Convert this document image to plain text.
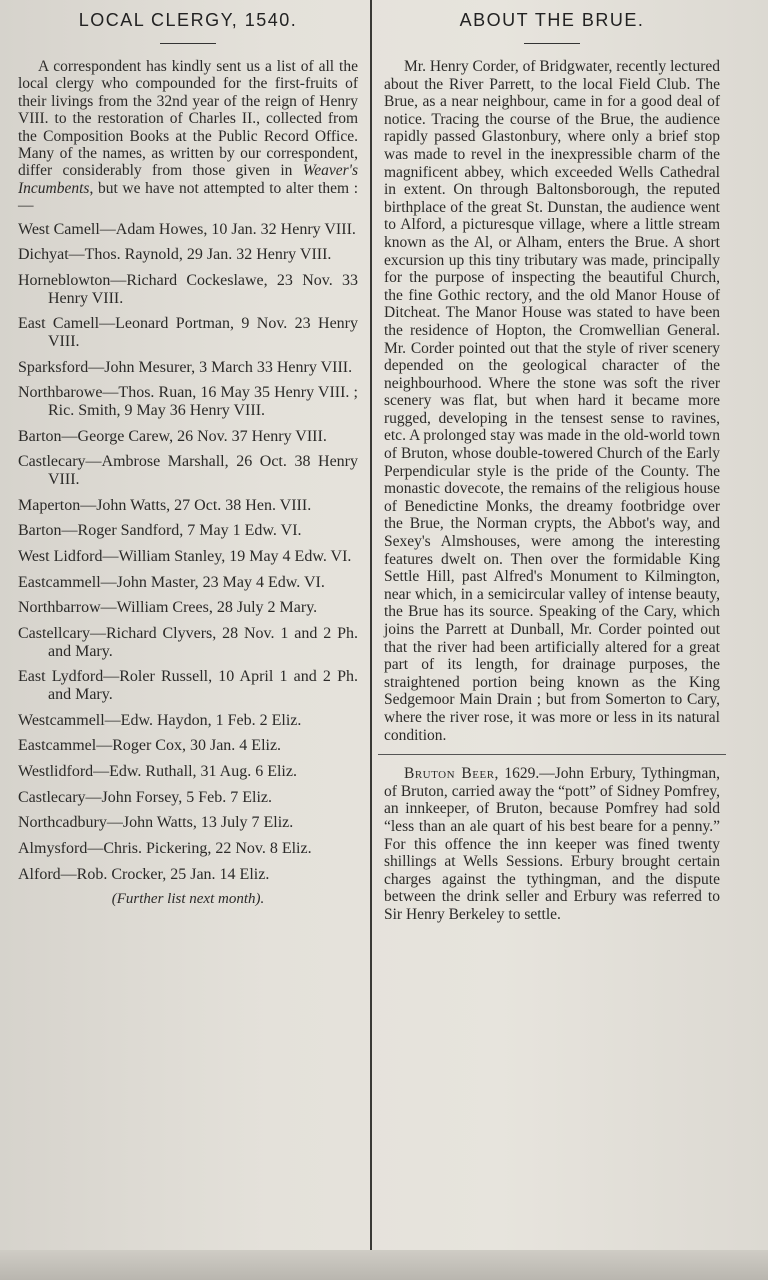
LOCAL CLERGY, 1540.

A correspondent has kindly sent us a list of all the local clergy who compounded for the first-fruits of their livings from the 32nd year of the reign of Henry VIII. to the restoration of Charles II., collected from the Composition Books at the Public Record Office. Many of the names, as written by our correspondent, differ considerably from those given in Weaver's Incumbents, but we have not attempted to alter them :—

West Camell—Adam Howes, 10 Jan. 32 Henry VIII.

Dichyat—Thos. Raynold, 29 Jan. 32 Henry VIII.

Horneblowton—Richard Cockeslawe, 23 Nov. 33 Henry VIII.

East Camell—Leonard Portman, 9 Nov. 23 Henry VIII.

Sparksford—John Mesurer, 3 March 33 Henry VIII.

Northbarowe—Thos. Ruan, 16 May 35 Henry VIII. ; Ric. Smith, 9 May 36 Henry VIII.

Barton—George Carew, 26 Nov. 37 Henry VIII.

Castlecary—Ambrose Marshall, 26 Oct. 38 Henry VIII.

Maperton—John Watts, 27 Oct. 38 Hen. VIII.

Barton—Roger Sandford, 7 May 1 Edw. VI.

West Lidford—William Stanley, 19 May 4 Edw. VI.

Eastcammell—John Master, 23 May 4 Edw. VI.

Northbarrow—William Crees, 28 July 2 Mary.

Castellcary—Richard Clyvers, 28 Nov. 1 and 2 Ph. and Mary.

East Lydford—Roler Russell, 10 April 1 and 2 Ph. and Mary.

Westcammell—Edw. Haydon, 1 Feb. 2 Eliz.

Eastcammel—Roger Cox, 30 Jan. 4 Eliz.

Westlidford—Edw. Ruthall, 31 Aug. 6 Eliz.

Castlecary—John Forsey, 5 Feb. 7 Eliz.

Northcadbury—John Watts, 13 July 7 Eliz.

Almysford—Chris. Pickering, 22 Nov. 8 Eliz.

Alford—Rob. Crocker, 25 Jan. 14 Eliz.

(Further list next month).
ABOUT THE BRUE.

Mr. Henry Corder, of Bridgwater, recently lectured about the River Parrett, to the local Field Club. The Brue, as a near neighbour, came in for a good deal of notice. Tracing the course of the Brue, the audience rapidly passed Glastonbury, where only a brief stop was made to revel in the inexpressible charm of the magnificent abbey, which exceeded Wells Cathedral in extent. On through Baltonsborough, the reputed birthplace of the great St. Dunstan, the audience went to Alford, a picturesque village, where a little stream known as the Al, or Alham, enters the Brue. A short excursion up this tiny tributary was made, principally for the purpose of inspecting the beautiful Church, the fine Gothic rectory, and the old Manor House of Ditcheat. The Manor House was stated to have been the residence of Hopton, the Cromwellian General. Mr. Corder pointed out that the style of river scenery depended on the geological character of the neighbourhood. Where the stone was soft the river scenery was flat, but when hard it became more rugged, developing in the tensest sense to ravines, etc. A prolonged stay was made in the old-world town of Bruton, whose double-towered Church of the Early Perpendicular style is the pride of the County. The monastic dovecote, the remains of the religious house of Benedictine Monks, the dreamy footbridge over the Brue, the Norman crypts, the Abbot's way, and Sexey's Almshouses, were among the interesting features dwelt on. Then over the formidable King Settle Hill, past Alfred's Monument to Kilmington, near which, in a semicircular valley of intense beauty, the Brue has its source. Speaking of the Cary, which joins the Parrett at Dunball, Mr. Corder pointed out that the river had been artificially altered for a great part of its length, for drainage purposes, the straightened portion being known as the King Sedgemoor Main Drain ; but from Somerton to Cary, where the river rose, it was more or less in its natural condition.

Bruton Beer, 1629.—John Erbury, Tythingman, of Bruton, carried away the “pott” of Sidney Pomfrey, an innkeeper, of Bruton, because Pomfrey had sold “less than an ale quart of his best beare for a penny.” For this offence the inn keeper was fined twenty shillings at Wells Sessions. Erbury brought certain charges against the tythingman, and the dispute between the drink seller and Erbury was referred to Sir Henry Berkeley to settle.
